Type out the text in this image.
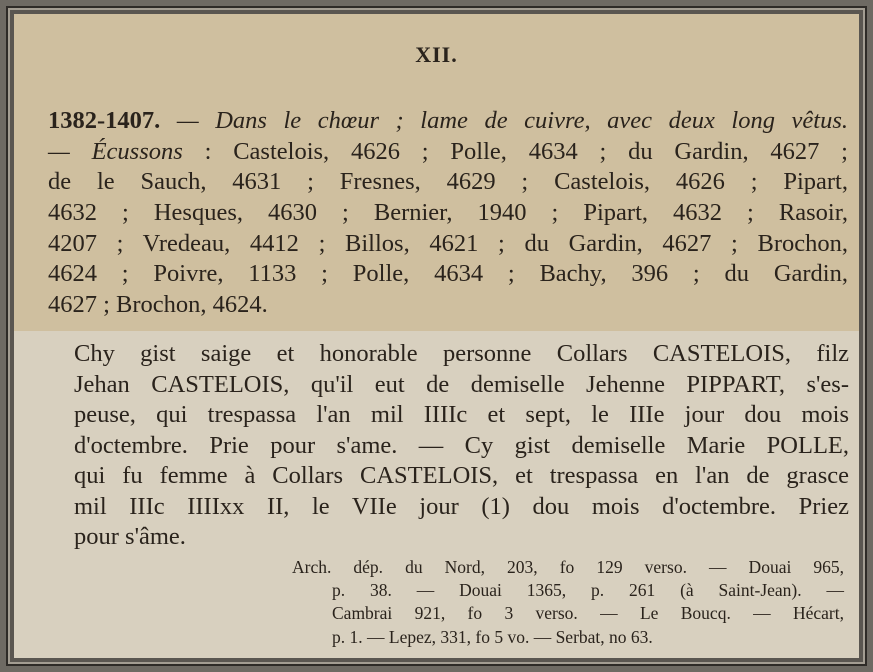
XII.
1382-1407. — Dans le chœur ; lame de cuivre, avec deux long vêtus.
— Écussons : Castelois, 4626 ; Polle, 4634 ; du Gardin, 4627 ;
de le Sauch, 4631 ; Fresnes, 4629 ; Castelois, 4626 ; Pipart,
4632 ; Hesques, 4630 ; Bernier, 1940 ; Pipart, 4632 ; Rasoir,
4207 ; Vredeau, 4412 ; Billos, 4621 ; du Gardin, 4627 ; Brochon,
4624 ; Poivre, 1133 ; Polle, 4634 ; Bachy, 396 ; du Gardin,
4627 ; Brochon, 4624.
Chy gist saige et honorable personne Collars CASTELOIS, filz
Jehan CASTELOIS, qu'il eut de demiselle Jehenne PIPPART, s'es-
peuse, qui trespassa l'an mil IIIIc et sept, le IIIe jour dou mois
d'octembre. Prie pour s'ame. — Cy gist demiselle Marie POLLE,
qui fu femme à Collars CASTELOIS, et trespassa en l'an de grasce
mil IIIc IIIIxx II, le VIIe jour (1) dou mois d'octembre. Priez
pour s'âme.
Arch. dép. du Nord, 203, fo 129 verso. — Douai 965,
p. 38. — Douai 1365, p. 261 (à Saint-Jean). —
Cambrai 921, fo 3 verso. — Le Boucq. — Hécart,
p. 1. — Lepez, 331, fo 5 vo. — Serbat, no 63.
